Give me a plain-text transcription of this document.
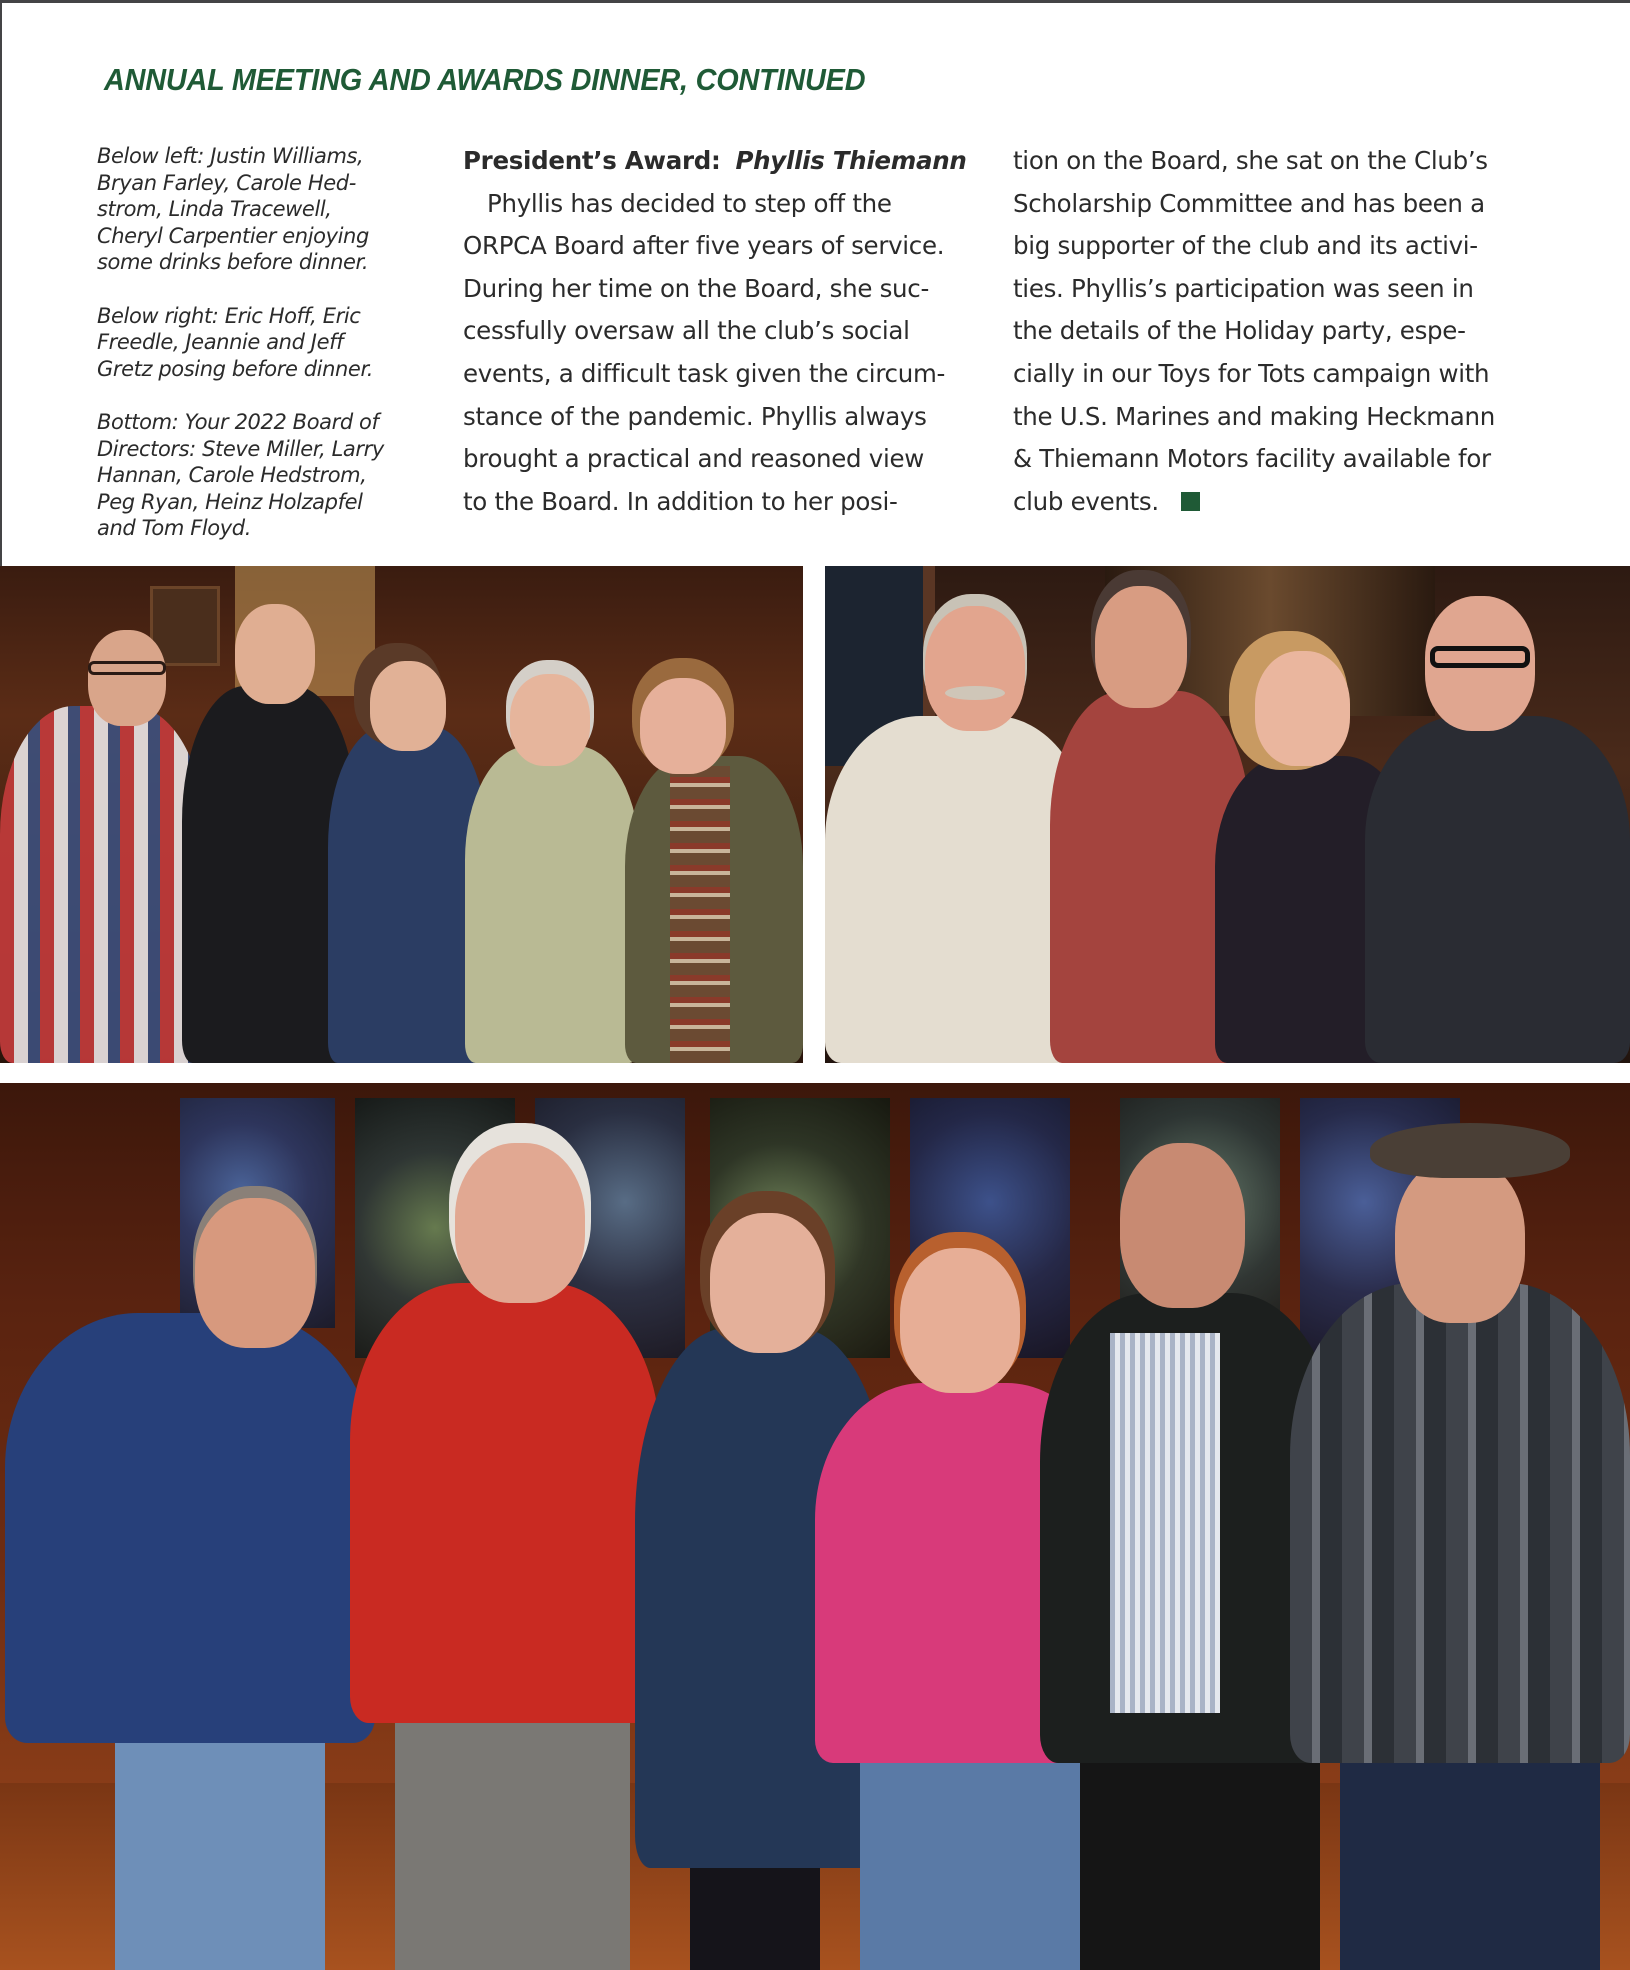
ANNUAL MEETING AND AWARDS DINNER, CONTINUED

Below left: Justin Williams,
Bryan Farley, Carole Hed-
strom, Linda Tracewell,
Cheryl Carpentier enjoying
some drinks before dinner.

Below right: Eric Hoff, Eric
Freedle, Jeannie and Jeff
Gretz posing before dinner.

Bottom: Your 2022 Board of
Directors: Steve Miller, Larry
Hannan, Carole Hedstrom,
Peg Ryan, Heinz Holzapfel
and Tom Floyd.

President’s Award: Phyllis Thiemann
Phyllis has decided to step off the
ORPCA Board after five years of service.
During her time on the Board, she suc-
cessfully oversaw all the club’s social
events, a difficult task given the circum-
stance of the pandemic. Phyllis always
brought a practical and reasoned view
to the Board. In addition to her posi-
tion on the Board, she sat on the Club’s
Scholarship Committee and has been a
big supporter of the club and its activi-
ties. Phyllis’s participation was seen in
the details of the Holiday party, espe-
cially in our Toys for Tots campaign with
the U.S. Marines and making Heckmann
& Thiemann Motors facility available for
club events.
